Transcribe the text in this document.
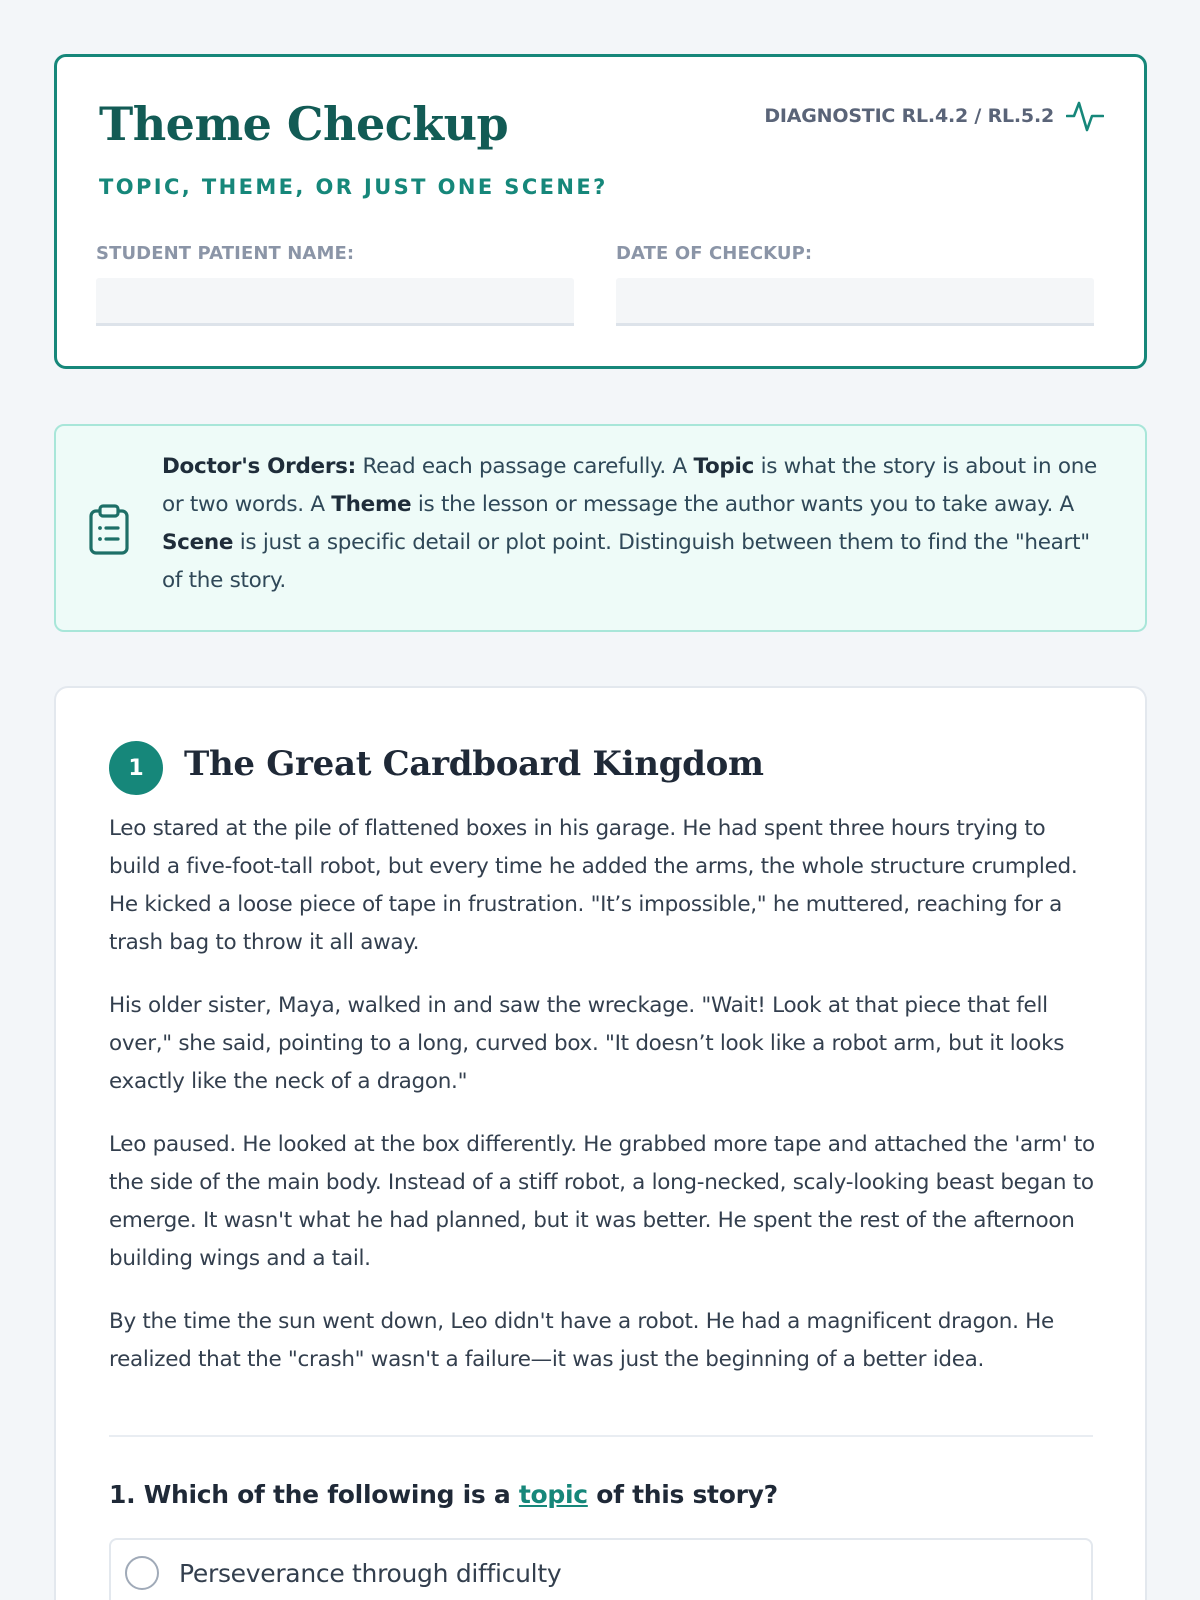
Theme Checkup
TOPIC, THEME, OR JUST ONE SCENE?
DIAGNOSTIC RL.4.2 / RL.5.2
STUDENT PATIENT NAME:	DATE OF CHECKUP:
Doctor's Orders: Read each passage carefully. A Topic is what the story is about in one or two words. A Theme is the lesson or message the author wants you to take away. A Scene is just a specific detail or plot point. Distinguish between them to find the "heart" of the story.
1	The Great Cardboard Kingdom

Leo stared at the pile of flattened boxes in his garage. He had spent three hours trying to build a five-foot-tall robot, but every time he added the arms, the whole structure crumpled. He kicked a loose piece of tape in frustration. "It’s impossible," he muttered, reaching for a trash bag to throw it all away.

His older sister, Maya, walked in and saw the wreckage. "Wait! Look at that piece that fell over," she said, pointing to a long, curved box. "It doesn’t look like a robot arm, but it looks exactly like the neck of a dragon."

Leo paused. He looked at the box differently. He grabbed more tape and attached the 'arm' to the side of the main body. Instead of a stiff robot, a long-necked, scaly-looking beast began to emerge. It wasn't what he had planned, but it was better. He spent the rest of the afternoon building wings and a tail.

By the time the sun went down, Leo didn't have a robot. He had a magnificent dragon. He realized that the "crash" wasn't a failure—it was just the beginning of a better idea.

1. Which of the following is a topic of this story?
Perseverance through difficulty
